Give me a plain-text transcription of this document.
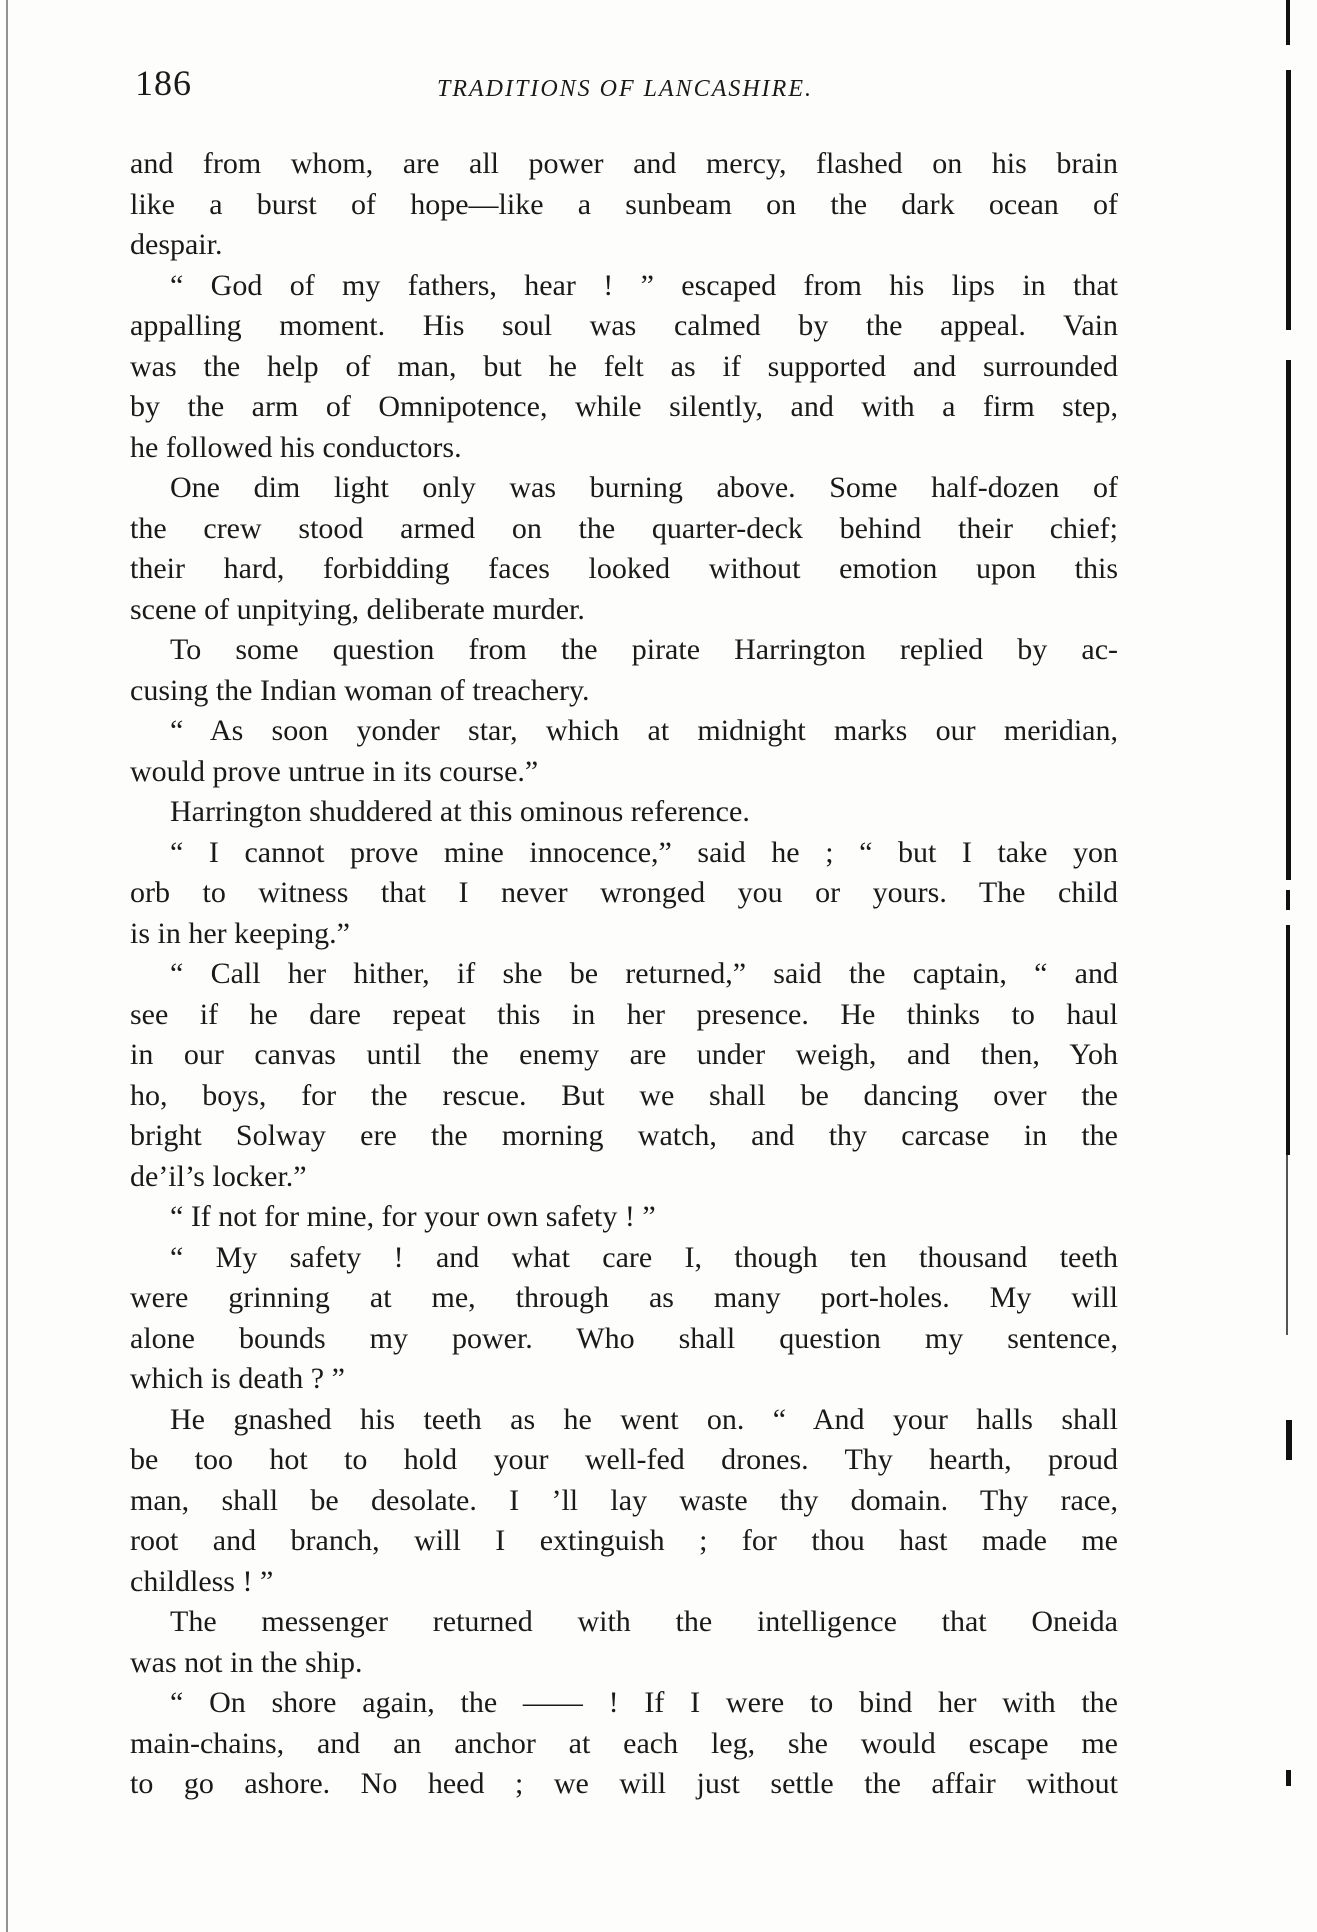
186	TRADITIONS OF LANCASHIRE.
and from whom, are all power and mercy, flashed on his brain
like a burst of hope—like a sunbeam on the dark ocean of
despair.
“ God of my fathers, hear ! ” escaped from his lips in that
appalling moment. His soul was calmed by the appeal. Vain
was the help of man, but he felt as if supported and surrounded
by the arm of Omnipotence, while silently, and with a firm step,
he followed his conductors.
One dim light only was burning above. Some half-dozen of
the crew stood armed on the quarter-deck behind their chief;
their hard, forbidding faces looked without emotion upon this
scene of unpitying, deliberate murder.
To some question from the pirate Harrington replied by ac-
cusing the Indian woman of treachery.
“ As soon yonder star, which at midnight marks our meridian,
would prove untrue in its course.”
Harrington shuddered at this ominous reference.
“ I cannot prove mine innocence,” said he ; “ but I take yon
orb to witness that I never wronged you or yours. The child
is in her keeping.”
“ Call her hither, if she be returned,” said the captain, “ and
see if he dare repeat this in her presence. He thinks to haul
in our canvas until the enemy are under weigh, and then, Yoh
ho, boys, for the rescue. But we shall be dancing over the
bright Solway ere the morning watch, and thy carcase in the
de’il’s locker.”
“ If not for mine, for your own safety ! ”
“ My safety ! and what care I, though ten thousand teeth
were grinning at me, through as many port-holes. My will
alone bounds my power. Who shall question my sentence,
which is death ? ”
He gnashed his teeth as he went on. “ And your halls shall
be too hot to hold your well-fed drones. Thy hearth, proud
man, shall be desolate. I ’ll lay waste thy domain. Thy race,
root and branch, will I extinguish ; for thou hast made me
childless ! ”
The messenger returned with the intelligence that Oneida
was not in the ship.
“ On shore again, the —— ! If I were to bind her with the
main-chains, and an anchor at each leg, she would escape me
to go ashore. No heed ; we will just settle the affair without
